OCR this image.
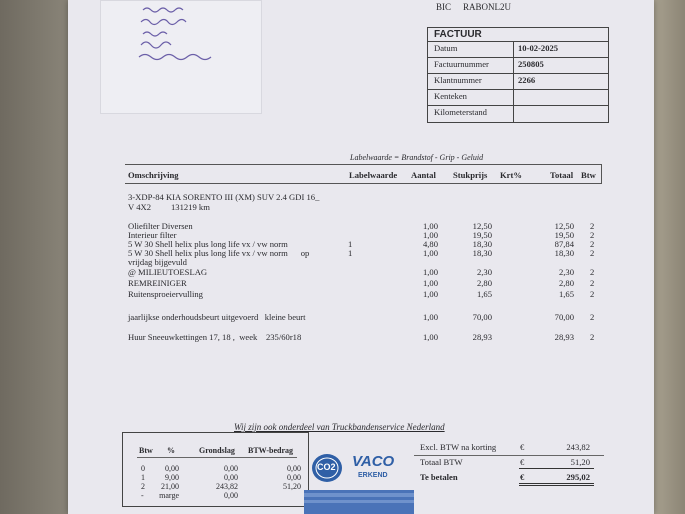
BIC RABONL2U
FACTUUR
Datum	10-02-2025
Factuurnummer	250805
Klantnummer	2266
Kenteken
Kilometerstand
Labelwaarde = Brandstof - Grip - Geluid
Omschrijving	Labelwaarde Aantal Stukprijs Krt%	Totaal Btw
3-XDP-84 KIA SORENTO III (XM) SUV 2.4 GDI 16_
V 4X2 131219 km
Oliefilter Diversen	1,00	12,50	12,50 2
Interieur filter	1,00	19,50	19,50 2
5 W 30 Shell helix plus long life vx / vw norm	1	4,80	18,30	87,84 2
5 W 30 Shell helix plus long life vx / vw norm      op	1	1,00	18,30	18,30 2
vrijdag bijgevuld
@ MILIEUTOESLAG	1,00	2,30	2,30 2
REMREINIGER	1,00	2,80	2,80 2
Ruitensproeiervulling	1,00	1,65	1,65 2
jaarlijkse onderhoudsbeurt uitgevoerd   kleine beurt	1,00	70,00	70,00 2
Huur Sneeuwkettingen 17, 18 ,  week    235/60r18	1,00	28,93	28,93 2
Wij zijn ook onderdeel van Truckbandenservice Nederland
Btw %	Grondslag BTW-bedrag
0	0,00	0,00	0,00
1	9,00	0,00	0,00
2	21,00	243,82	51,20
-	marge	0,00
CO2 VACO
ERKEND
Excl. BTW na korting	€	243,82
Totaal BTW	€	51,20
Te betalen	€	295,02
